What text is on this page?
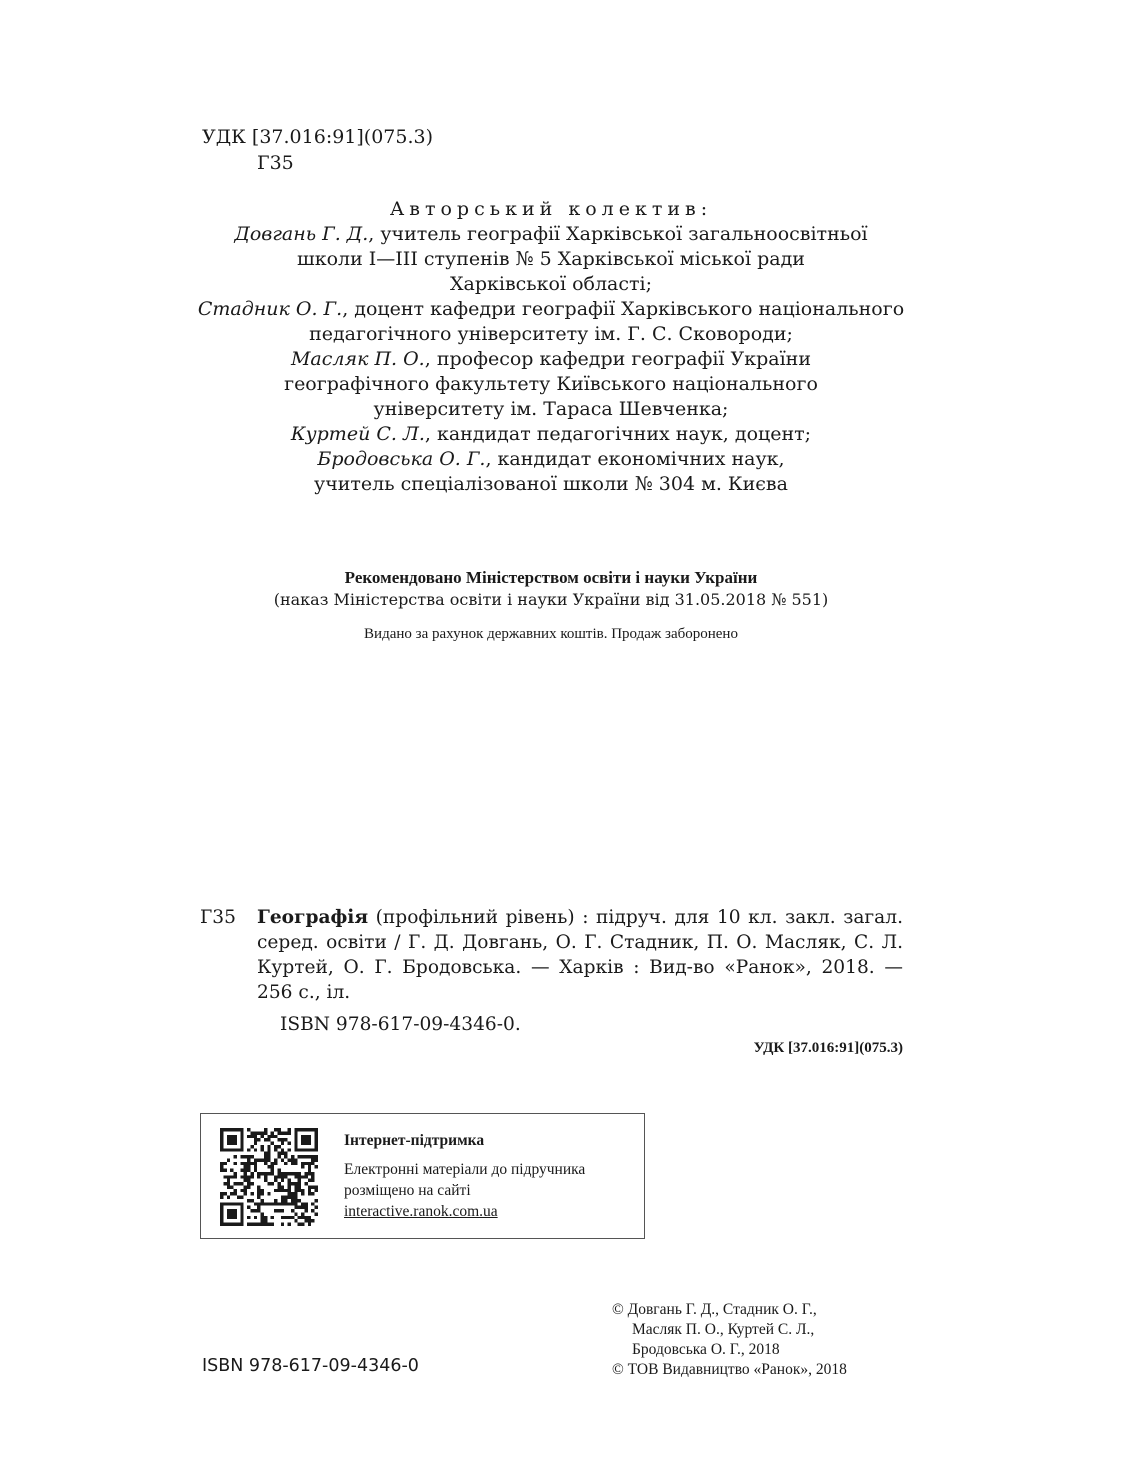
УДК [37.016:91](075.3)
Г35
Авторський колектив:
Довгань Г. Д., учитель географії Харківської загальноосвітньої
школи І—ІІІ ступенів № 5 Харківської міської ради
Харківської області;
Стадник О. Г., доцент кафедри географії Харківського національного
педагогічного університету ім. Г. С. Сковороди;
Масляк П. О., професор кафедри географії України
географічного факультету Київського національного
університету ім. Тараса Шевченка;
Куртей С. Л., кандидат педагогічних наук, доцент;
Бродовська О. Г., кандидат економічних наук,
учитель спеціалізованої школи № 304 м. Києва
Рекомендовано Міністерством освіти і науки України
(наказ Міністерства освіти і науки України від 31.05.2018 № 551)
Видано за рахунок державних коштів. Продаж заборонено
Г35 Географія (профільний рівень) : підруч. для 10 кл. закл. загал. серед. освіти / Г. Д. Довгань, О. Г. Стадник, П. О. Масляк, С. Л. Куртей, О. Г. Бродовська. — Харків : Вид-во «Ранок», 2018. — 256 с., іл.
ISBN 978-617-09-4346-0.
УДК [37.016:91](075.3)
Інтернет-підтримка
Електронні матеріали до підручника
розміщено на сайті
interactive.ranok.com.ua
ISBN 978-617-09-4346-0
© Довгань Г. Д., Стадник О. Г.,
Масляк П. О., Куртей С. Л.,
Бродовська О. Г., 2018
© ТОВ Видавництво «Ранок», 2018
